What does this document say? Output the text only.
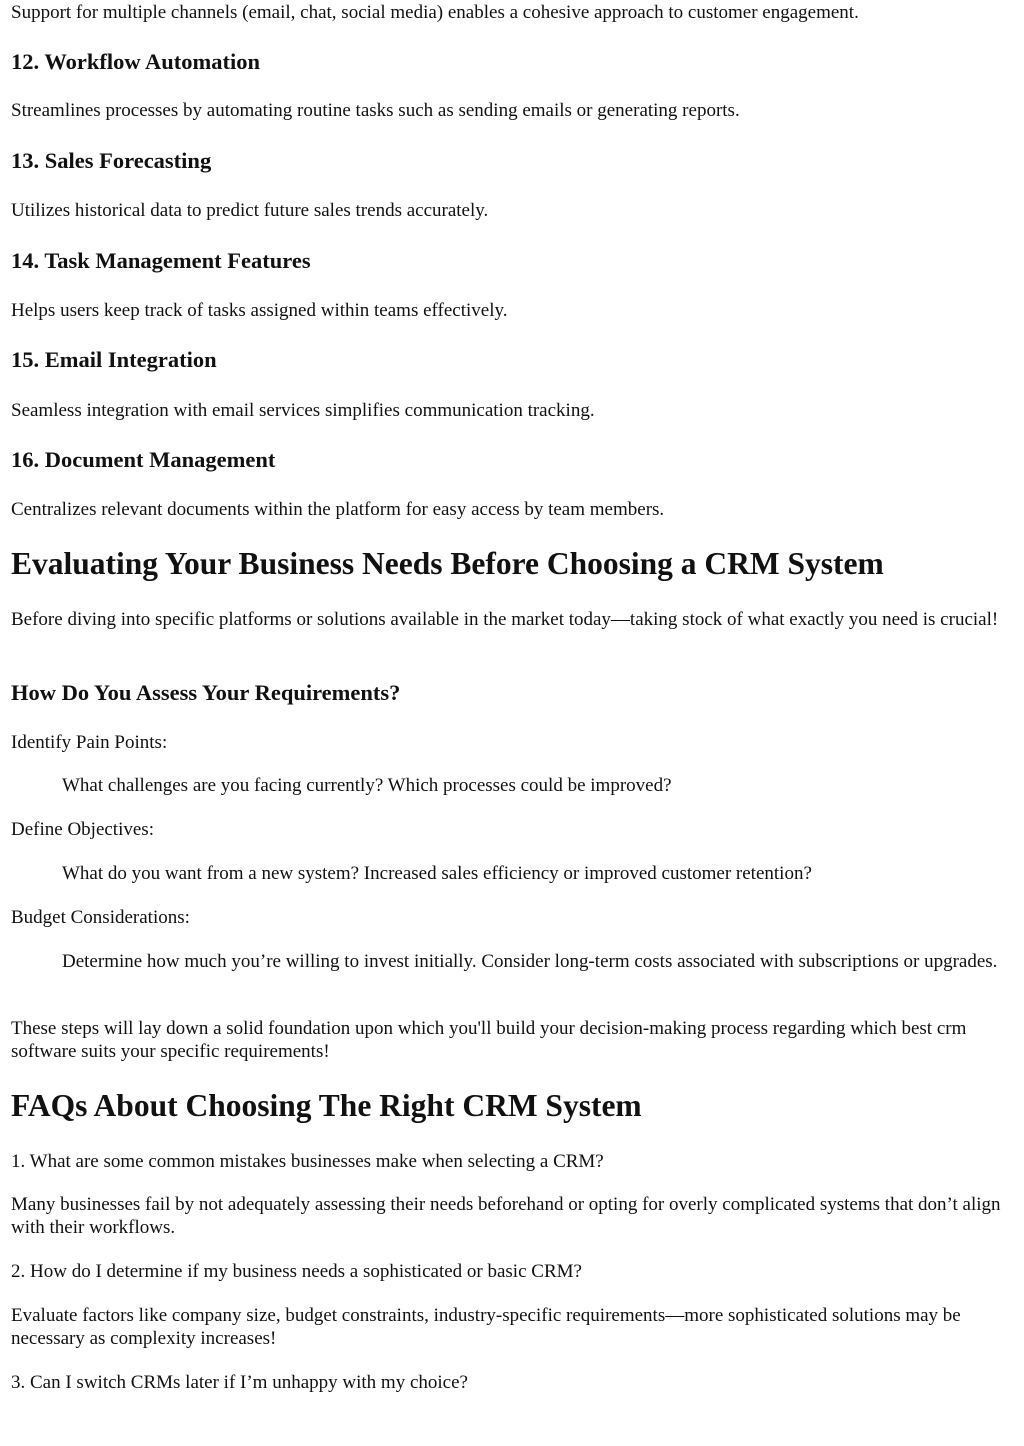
Support for multiple channels (email, chat, social media) enables a cohesive approach to customer engagement.

12. Workflow Automation

Streamlines processes by automating routine tasks such as sending emails or generating reports.

13. Sales Forecasting

Utilizes historical data to predict future sales trends accurately.

14. Task Management Features

Helps users keep track of tasks assigned within teams effectively.

15. Email Integration

Seamless integration with email services simplifies communication tracking.

16. Document Management

Centralizes relevant documents within the platform for easy access by team members.

Evaluating Your Business Needs Before Choosing a CRM System

Before diving into specific platforms or solutions available in the market today—taking stock of what exactly you need is crucial!

How Do You Assess Your Requirements?

Identify Pain Points:

What challenges are you facing currently? Which processes could be improved?

Define Objectives:

What do you want from a new system? Increased sales efficiency or improved customer retention?

Budget Considerations:

Determine how much you’re willing to invest initially. Consider long-term costs associated with subscriptions or upgrades.

These steps will lay down a solid foundation upon which you'll build your decision-making process regarding which best crm software suits your specific requirements!

FAQs About Choosing The Right CRM System

1. What are some common mistakes businesses make when selecting a CRM?

Many businesses fail by not adequately assessing their needs beforehand or opting for overly complicated systems that don’t align with their workflows.

2. How do I determine if my business needs a sophisticated or basic CRM?

Evaluate factors like company size, budget constraints, industry-specific requirements—more sophisticated solutions may be necessary as complexity increases!

3. Can I switch CRMs later if I’m unhappy with my choice?
